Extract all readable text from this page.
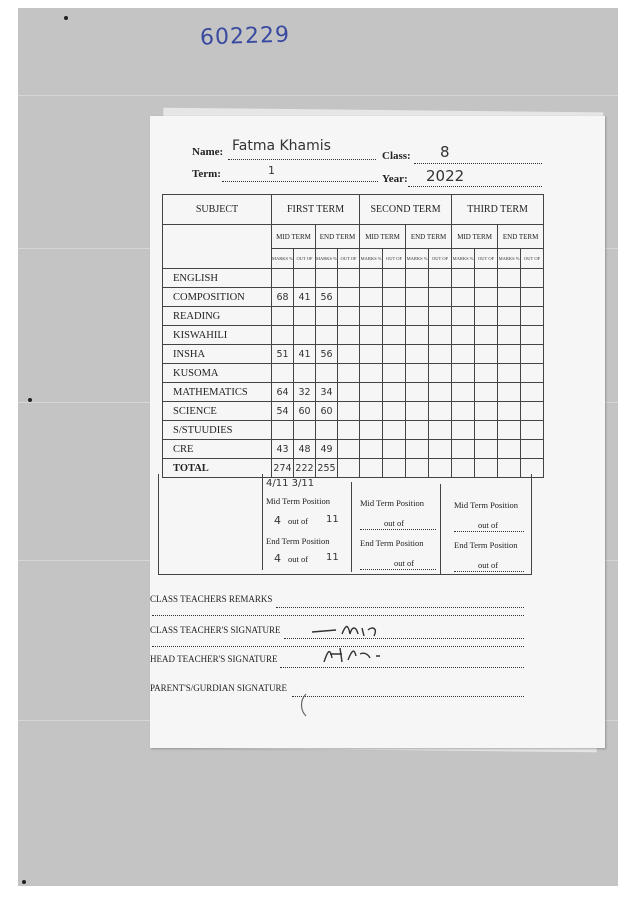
602229
Name: Fatma Khamis
Class: 8
Term:	1
Year: 2022
SUBJECT	FIRST TERM				SECOND TERM				THIRD TERM			
	MID TERM		END TERM		MID TERM		END TERM		MID TERM		END TERM	
	MARKS %	OUT OF	MARKS %	OUT OF	MARKS %	OUT OF	MARKS %	OUT OF	MARKS %	OUT OF	MARKS %	OUT OF
ENGLISH												
COMPOSITION	68	41	56									
READING												
KISWAHILI												
INSHA	51	41	56									
KUSOMA												
MATHEMATICS	64	32	34									
SCIENCE	54	60	60									
S/STUUDIES												
CRE	43	48	49									
TOTAL	274	222	255									
4/11 3/11
Mid Term Position
4 out of 11
End Term Position
4 out of 11
Mid Term Position
out of
End Term Position
out of
Mid Term Position
out of
End Term Position
out of
CLASS TEACHERS REMARKS
CLASS TEACHER'S SIGNATURE
HEAD TEACHER'S SIGNATURE
PARENT'S/GURDIAN SIGNATURE
